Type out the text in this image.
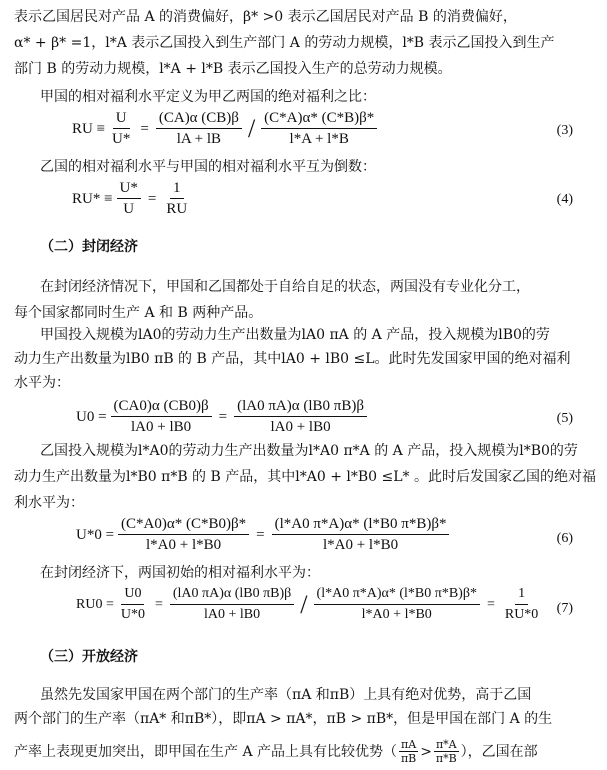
表示乙国居民对产品 A 的消费偏好，β* >0 表示乙国居民对产品 B 的消费偏好，
α* + β* =1，l*A 表示乙国投入到生产部门 A 的劳动力规模，l*B 表示乙国投入到生产
部门 B 的劳动力规模，l*A + l*B 表示乙国投入生产的总劳动力规模。
甲国的相对福利水平定义为甲乙两国的绝对福利之比：
RU ≡ $\frac{U}{U*} = \frac{(CA)\alpha (CB)\beta}{lA + lB} / \frac{(C*A)\alpha* (C*B)\beta*}{l*A + l*B}$	(3)
乙国的相对福利水平与甲国的相对福利水平互为倒数：
$RU* \equiv \frac{U*}{U} = \frac{1}{RU}$	(4)
（二）封闭经济
在封闭经济情况下，甲国和乙国都处于自给自足的状态，两国没有专业化分工，
每个国家都同时生产 A 和 B 两种产品。
甲国投入规模为lA0的劳动力生产出数量为lA0 πA 的 A 产品，投入规模为lB0的劳
动力生产出数量为lB0 πB 的 B 产品，其中lA0 + lB0 ≤L。此时先发国家甲国的绝对福利
水平为：
$U0 = \frac{(CA0)\alpha (CB0)\beta}{lA0 + lB0} = \frac{(lA0 \pi A)\alpha (lB0 \pi B)\beta}{lA0 + lB0}$	(5)
乙国投入规模为l*A0的劳动力生产出数量为l*A0 π*A 的 A 产品，投入规模为l*B0的劳
动力生产出数量为l*B0 π*B 的 B 产品，其中l*A0 + l*B0 ≤L* 。此时后发国家乙国的绝对福
利水平为：
$U*0 = \frac{(C*A0)\alpha* (C*B0)\beta*}{l*A0 + l*B0} = \frac{(l*A0 \pi*A)\alpha* (l*B0 \pi*B)\beta*}{l*A0 + l*B0}$	(6)
在封闭经济下，两国初始的相对福利水平为：
$RU0 = \frac{U0}{U*0} = \frac{(lA0 \pi A)\alpha (lB0 \pi B)\beta}{lA0 + lB0} / \frac{(l*A0 \pi*A)\alpha* (l*B0 \pi*B)\beta*}{l*A0 + l*B0} = \frac{1}{RU*0} (7)$
（三）开放经济
虽然先发国家甲国在两个部门的生产率（πA 和πB）上具有绝对优势，高于乙国
两个部门的生产率（πA* 和πB*），即πA > πA*，πB > πB*，但是甲国在部门 A 的生
产率上表现更加突出，即甲国在生产 A 产品上具有比较优势（ πA
πB > π*A
π*B ），乙国在部
